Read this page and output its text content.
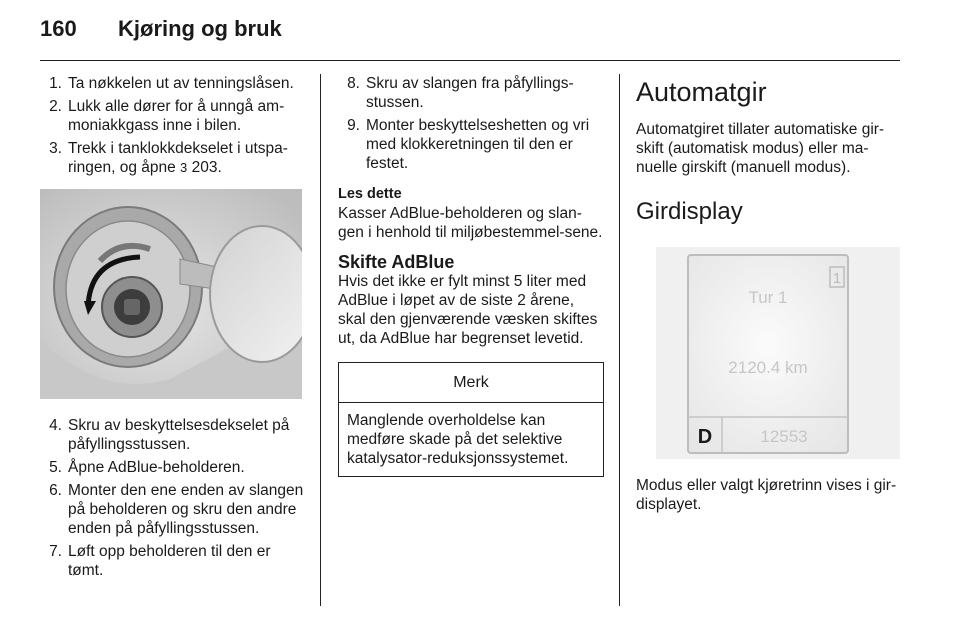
160	Kjøring og bruk
1. Ta nøkkelen ut av tenningslåsen.
2. Lukk alle dører for å unngå am-moniakkgass inne i bilen.
3. Trekk i tanklokkdekselet i utspa-ringen, og åpne 3 203.
4. Skru av beskyttelsesdekselet på påfyllingsstussen.
5. Åpne AdBlue-beholderen.
6. Monter den ene enden av slangen på beholderen og skru den andre enden på påfyllingsstussen.
7. Løft opp beholderen til den er tømt.
8. Skru av slangen fra påfyllings-stussen.
9. Monter beskyttelseshetten og vri med klokkeretningen til den er festet.
Les dette
Kasser AdBlue-beholderen og slan-gen i henhold til miljøbestemmel-sene.
Skifte AdBlue
Hvis det ikke er fylt minst 5 liter med AdBlue i løpet av de siste 2 årene, skal den gjenværende væsken skiftes ut, da AdBlue har begrenset levetid.
Merk
Manglende overholdelse kan medføre skade på det selektive katalysator-reduksjonssystemet.
Automatgir
Automatgiret tillater automatiske gir-skift (automatisk modus) eller ma-nuelle girskift (manuell modus).
Girdisplay
1
Tur 1
2120.4 km
D	12553
Modus eller valgt kjøretrinn vises i gir-displayet.
